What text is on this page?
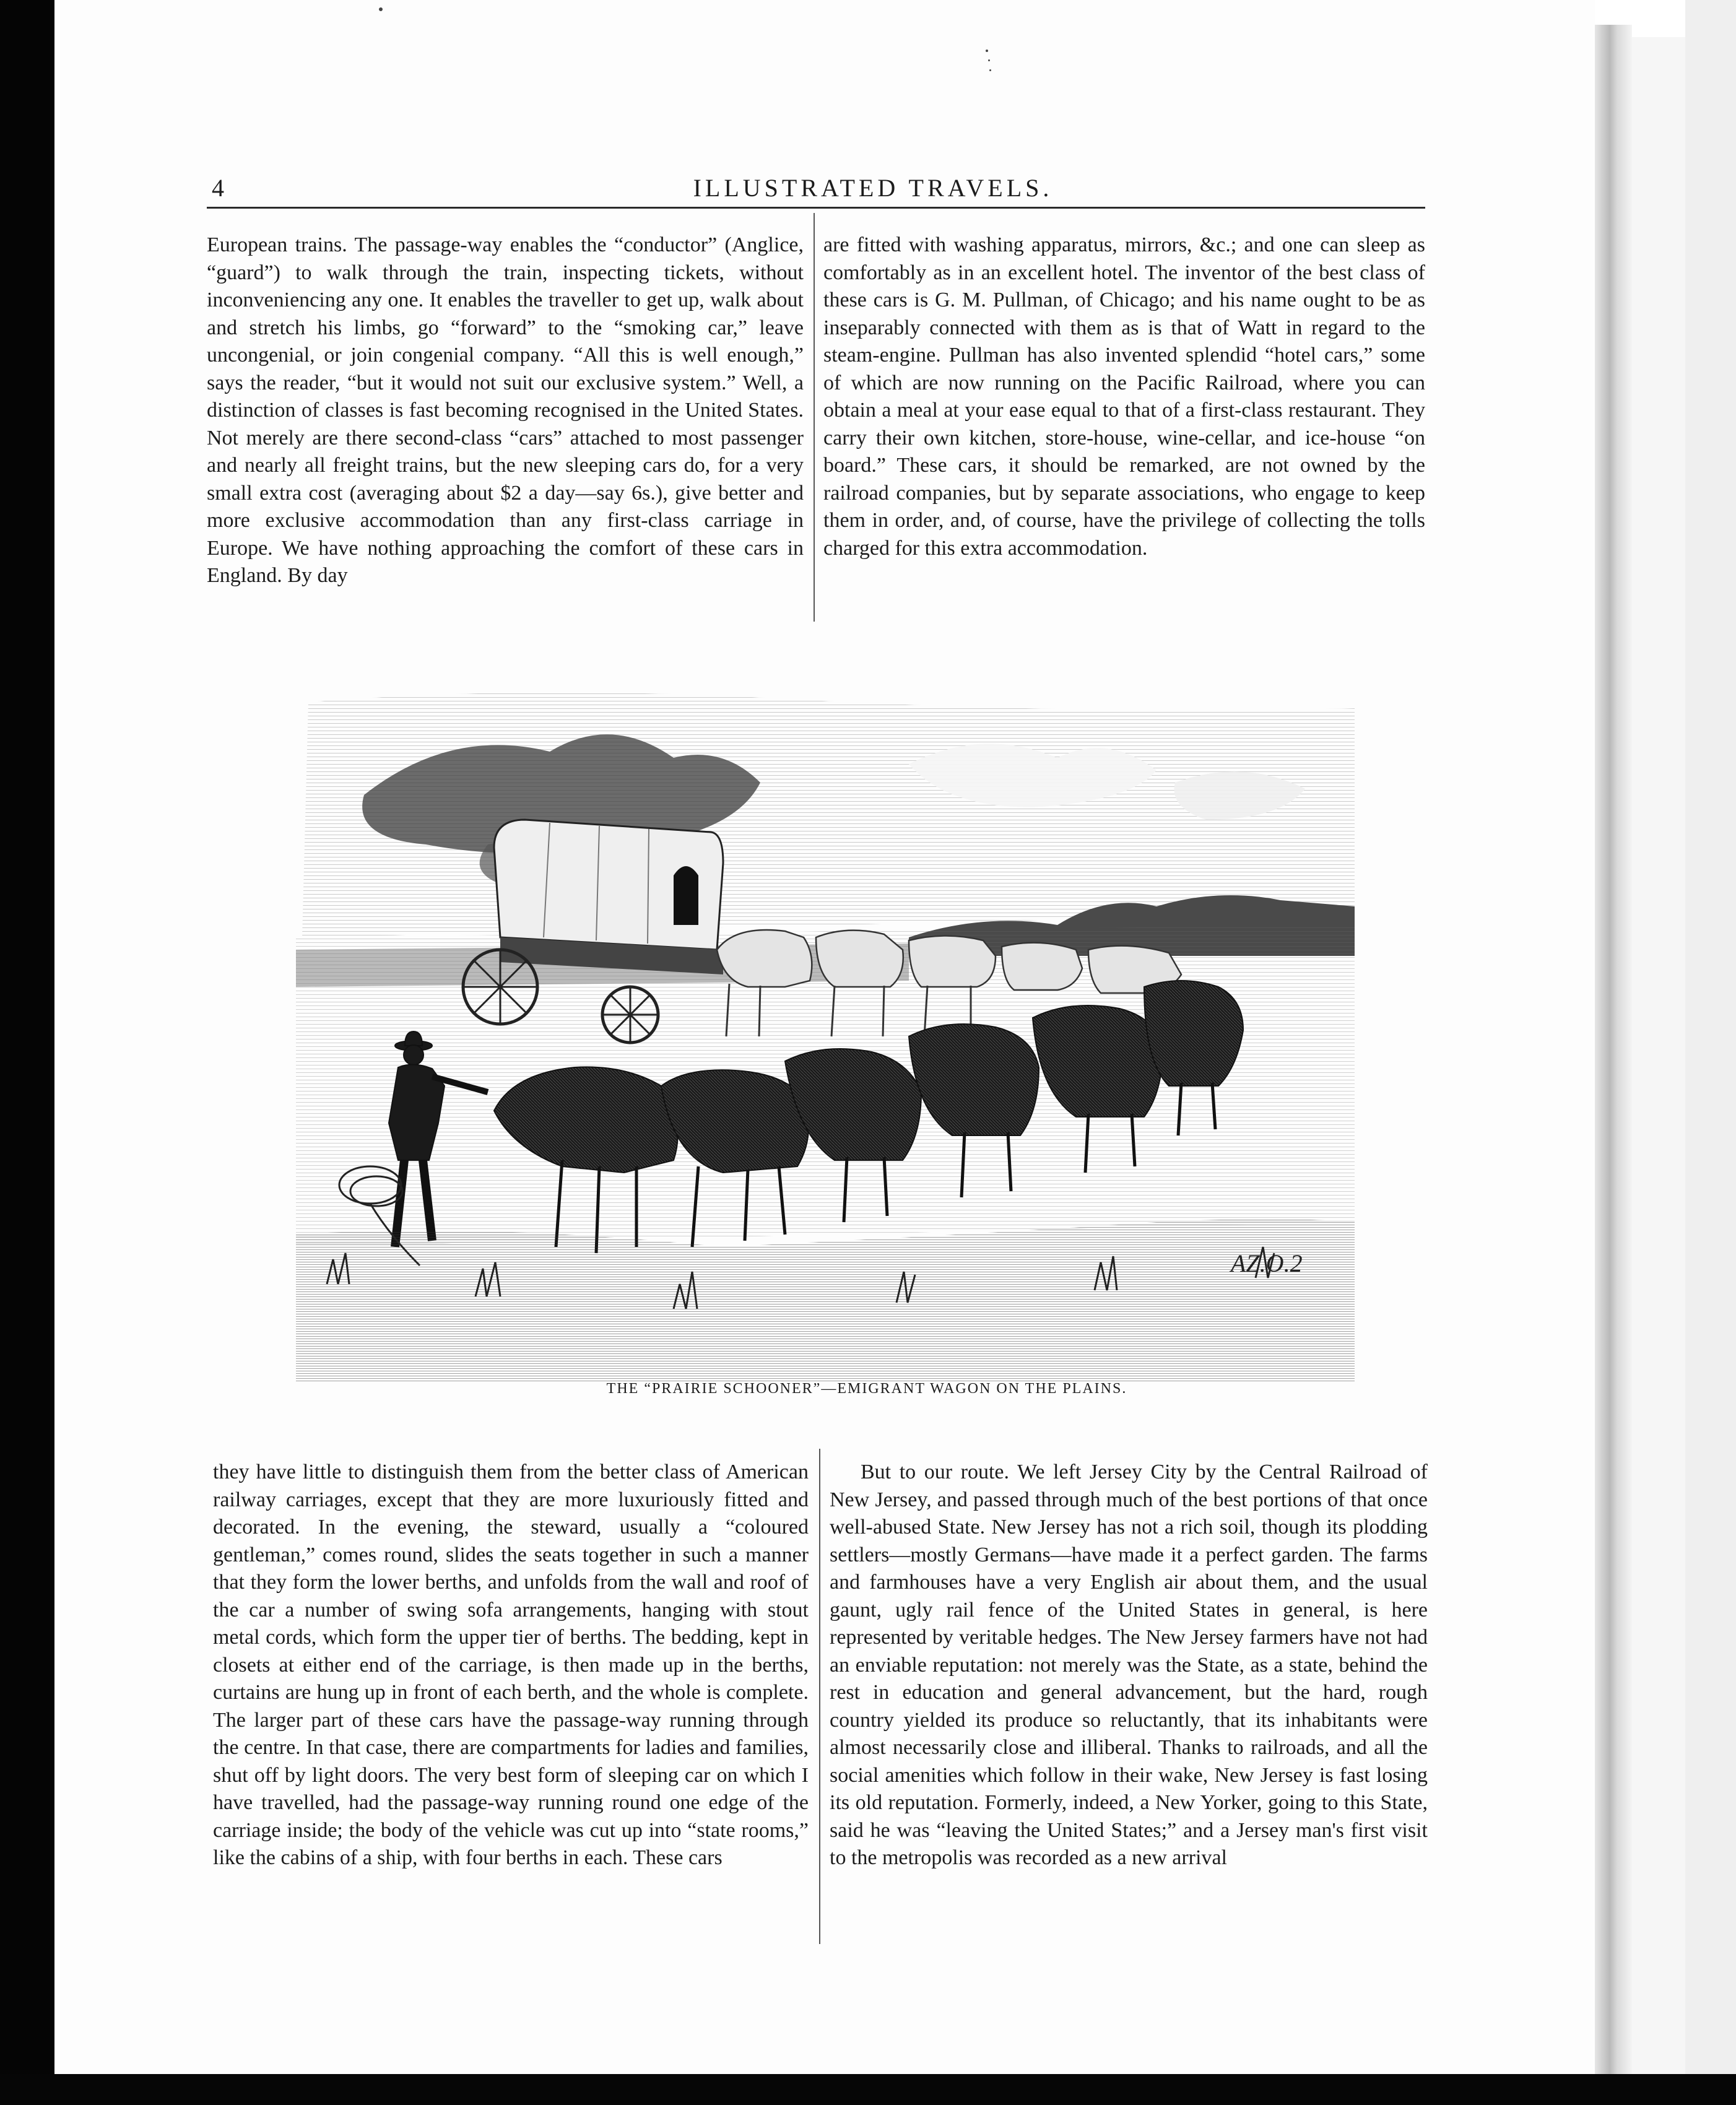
4	ILLUSTRATED TRAVELS.

European trains. The passage-way enables the “conductor” (Anglice, “guard”) to walk through the train, inspecting tickets, without inconveniencing any one. It enables the traveller to get up, walk about and stretch his limbs, go “forward” to the “smoking car,” leave uncongenial, or join congenial company. “All this is well enough,” says the reader, “but it would not suit our exclusive system.” Well, a distinction of classes is fast becoming recognised in the United States. Not merely are there second-class “cars” attached to most passenger and nearly all freight trains, but the new sleeping cars do, for a very small extra cost (averaging about $2 a day—say 6s.), give better and more exclusive accommodation than any first-class carriage in Europe. We have nothing approaching the comfort of these cars in England. By day

are fitted with washing apparatus, mirrors, &c.; and one can sleep as comfortably as in an excellent hotel. The inventor of the best class of these cars is G. M. Pullman, of Chicago; and his name ought to be as inseparably connected with them as is that of Watt in regard to the steam-engine. Pullman has also invented splendid “hotel cars,” some of which are now running on the Pacific Railroad, where you can obtain a meal at your ease equal to that of a first-class restaurant. They carry their own kitchen, store-house, wine-cellar, and ice-house “on board.” These cars, it should be remarked, are not owned by the railroad companies, but by separate associations, who engage to keep them in order, and, of course, have the privilege of collecting the tolls charged for this extra accommodation.

AZ.O.2
THE “PRAIRIE SCHOONER”—EMIGRANT WAGON ON THE PLAINS.

they have little to distinguish them from the better class of American railway carriages, except that they are more luxuriously fitted and decorated. In the evening, the steward, usually a “coloured gentleman,” comes round, slides the seats together in such a manner that they form the lower berths, and unfolds from the wall and roof of the car a number of swing sofa arrangements, hanging with stout metal cords, which form the upper tier of berths. The bedding, kept in closets at either end of the carriage, is then made up in the berths, curtains are hung up in front of each berth, and the whole is complete. The larger part of these cars have the passage-way running through the centre. In that case, there are compartments for ladies and families, shut off by light doors. The very best form of sleeping car on which I have travelled, had the passage-way running round one edge of the carriage inside; the body of the vehicle was cut up into “state rooms,” like the cabins of a ship, with four berths in each. These cars

But to our route. We left Jersey City by the Central Railroad of New Jersey, and passed through much of the best portions of that once well-abused State. New Jersey has not a rich soil, though its plodding settlers—mostly Germans—have made it a perfect garden. The farms and farmhouses have a very English air about them, and the usual gaunt, ugly rail fence of the United States in general, is here represented by veritable hedges. The New Jersey farmers have not had an enviable reputation: not merely was the State, as a state, behind the rest in education and general advancement, but the hard, rough country yielded its produce so reluctantly, that its inhabitants were almost necessarily close and illiberal. Thanks to railroads, and all the social amenities which follow in their wake, New Jersey is fast losing its old reputation. Formerly, indeed, a New Yorker, going to this State, said he was “leaving the United States;” and a Jersey man's first visit to the metropolis was recorded as a new arrival
